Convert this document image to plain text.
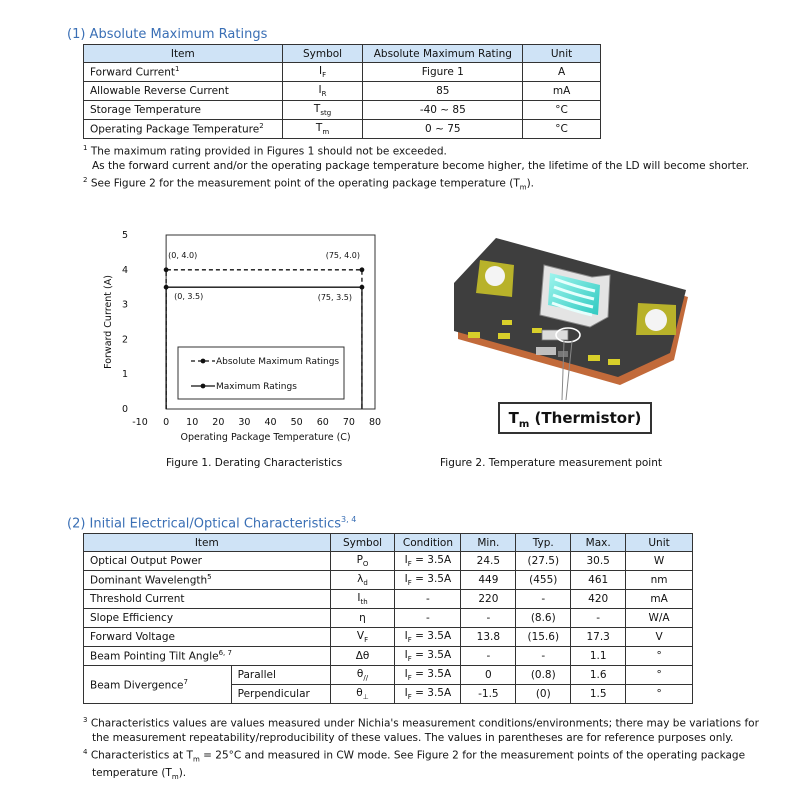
(1) Absolute Maximum Ratings
Item	Symbol	Absolute Maximum Rating	Unit
Forward Current$^1$	$I_F$	Figure 1	A
Allowable Reverse Current	$I_R$	85	mA
Storage Temperature	$T_{stg}$	-40 ~ 85	°C
Operating Package Temperature$^2$	$T_m$	0 ~ 75	°C
$^1$ The maximum rating provided in Figures 1 should not be exceeded.
As the forward current and/or the operating package temperature become higher, the lifetime of the LD will become shorter.
$^2$ See Figure 2 for the measurement point of the operating package temperature $(T_m)$.
-10 0 10 20 30 40 50 60 70 80
0
1
2
3
4
5
Operating Package Temperature (C)
Forward Current (A)
(0, 4.0)	(75, 4.0)
(0, 3.5)	(75, 3.5)
Absolute Maximum Ratings
Maximum Ratings
Figure 1. Derating Characteristics
$T_m$ (Thermistor)
Figure 2. Temperature measurement point
(2) Initial Electrical/Optical Characteristics$^{3, 4}$
Item		Symbol	Condition	Min.	Typ.	Max.	Unit
Optical Output Power		$P_O$	$I_F = 3.5A$	24.5	(27.5)	30.5	W
Dominant Wavelength$^5$		$\lambda_d$	$I_F = 3.5A$	449	(455)	461	nm
Threshold Current		$I_{th}$	-	220	-	420	mA
Slope Efficiency		η	-	-	(8.6)	-	W/A
Forward Voltage		$V_F$	$I_F = 3.5A$	13.8	(15.6)	17.3	V
Beam Pointing Tilt Angle$^{6, 7}$		Δθ	$I_F = 3.5A$	-	-	1.1	°
Beam Divergence$^7$	Parallel	$\theta_{//}$	$I_F = 3.5A$	0	(0.8)	1.6	°
	Perpendicular	$\theta_\perp$	$I_F = 3.5A$	-1.5	(0)	1.5	°
$^3$ Characteristics values are values measured under Nichia's measurement conditions/environments; there may be variations for
the measurement repeatability/reproducibility of these values. The values in parentheses are for reference purposes only.
$^4$ Characteristics at $T_m = 25^\circ C$ and measured in CW mode. See Figure 2 for the measurement points of the operating package
temperature $(T_m)$.
